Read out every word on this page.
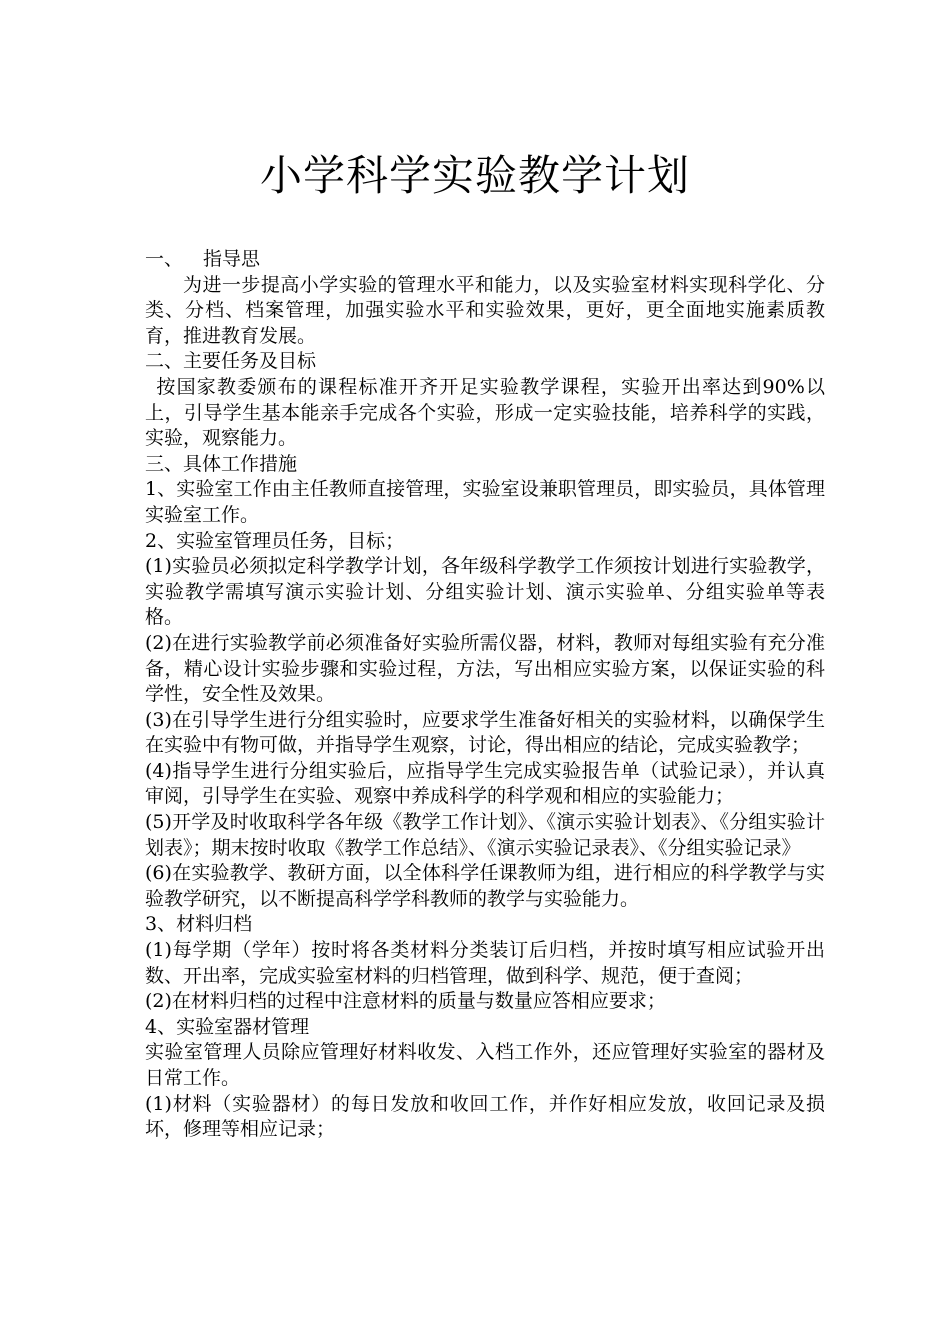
小学科学实验教学计划

一、 指导思

为进一步提高小学实验的管理水平和能力，以及实验室材料实现科学化、分类、分档、档案管理，加强实验水平和实验效果，更好，更全面地实施素质教育，推进教育发展。

二、主要任务及目标

按国家教委颁布的课程标准开齐开足实验教学课程，实验开出率达到90%以上，引导学生基本能亲手完成各个实验，形成一定实验技能，培养科学的实践，实验，观察能力。

三、具体工作措施

1、实验室工作由主任教师直接管理，实验室设兼职管理员，即实验员，具体管理实验室工作。

2、实验室管理员任务，目标；

(1)实验员必须拟定科学教学计划，各年级科学教学工作须按计划进行实验教学，实验教学需填写演示实验计划、分组实验计划、演示实验单、分组实验单等表格。

(2)在进行实验教学前必须准备好实验所需仪器，材料，教师对每组实验有充分准备，精心设计实验步骤和实验过程，方法，写出相应实验方案，以保证实验的科学性，安全性及效果。

(3)在引导学生进行分组实验时，应要求学生准备好相关的实验材料，以确保学生在实验中有物可做，并指导学生观察，讨论，得出相应的结论，完成实验教学；

(4)指导学生进行分组实验后，应指导学生完成实验报告单（试验记录），并认真审阅，引导学生在实验、观察中养成科学的科学观和相应的实验能力；

(5)开学及时收取科学各年级《教学工作计划》、《演示实验计划表》、《分组实验计划表》；期末按时收取《教学工作总结》、《演示实验记录表》、《分组实验记录》

(6)在实验教学、教研方面，以全体科学任课教师为组，进行相应的科学教学与实验教学研究，以不断提高科学学科教师的教学与实验能力。

3、材料归档

(1)每学期（学年）按时将各类材料分类装订后归档，并按时填写相应试验开出数、开出率，完成实验室材料的归档管理，做到科学、规范，便于查阅；

(2)在材料归档的过程中注意材料的质量与数量应答相应要求；

4、实验室器材管理

实验室管理人员除应管理好材料收发、入档工作外，还应管理好实验室的器材及日常工作。

(1)材料（实验器材）的每日发放和收回工作，并作好相应发放，收回记录及损坏，修理等相应记录；
